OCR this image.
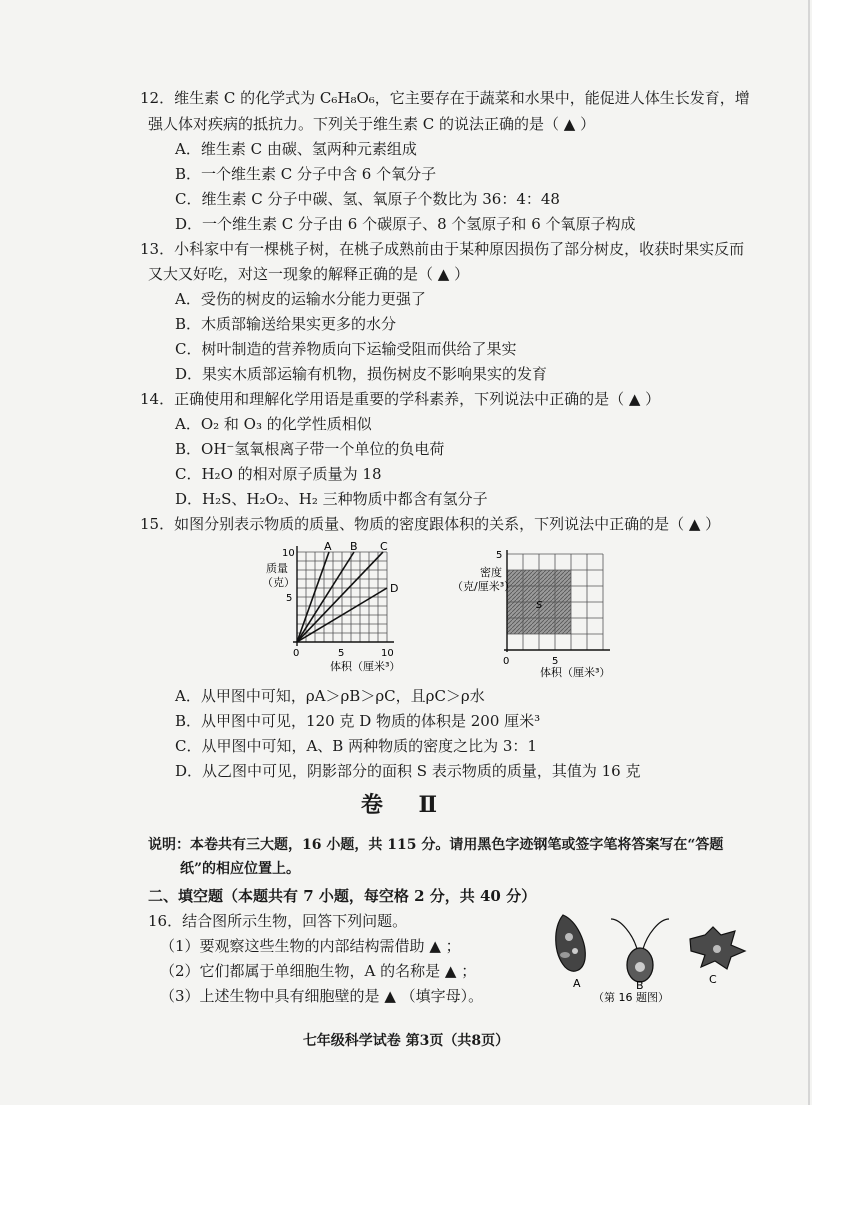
12．维生素 C 的化学式为 C₆H₈O₆，它主要存在于蔬菜和水果中，能促进人体生长发育，增
强人体对疾病的抵抗力。下列关于维生素 C 的说法正确的是（ ▲ ）
A．维生素 C 由碳、氢两种元素组成
B．一个维生素 C 分子中含 6 个氧分子
C．维生素 C 分子中碳、氢、氧原子个数比为 36：4：48
D．一个维生素 C 分子由 6 个碳原子、8 个氢原子和 6 个氧原子构成
13．小科家中有一棵桃子树，在桃子成熟前由于某种原因损伤了部分树皮，收获时果实反而
又大又好吃，对这一现象的解释正确的是（ ▲ ）
A．受伤的树皮的运输水分能力更强了
B．木质部输送给果实更多的水分
C．树叶制造的营养物质向下运输受阻而供给了果实
D．果实木质部运输有机物，损伤树皮不影响果实的发育
14．正确使用和理解化学用语是重要的学科素养，下列说法中正确的是（ ▲ ）
A．O₂ 和 O₃ 的化学性质相似
B．OH⁻氢氧根离子带一个单位的负电荷
C．H₂O 的相对原子质量为 18
D．H₂S、H₂O₂、H₂ 三种物质中都含有氢分子
15．如图分别表示物质的质量、物质的密度跟体积的关系，下列说法中正确的是（ ▲ ）
A B C
D
10
5
质量
（克）
0	5	10
体积（厘米³）
S
5
密度
（克/厘米³）
0	5
体积（厘米³）
A．从甲图中可知，ρA＞ρB＞ρC，且ρC＞ρ水
B．从甲图中可见，120 克 D 物质的体积是 200 厘米³
C．从甲图中可知，A、B 两种物质的密度之比为 3：1
D．从乙图中可见，阴影部分的面积 S 表示物质的质量，其值为 16 克
卷 Ⅱ
说明：本卷共有三大题，16 小题，共 115 分。请用黑色字迹钢笔或签字笔将答案写在“答题
纸”的相应位置上。
二、填空题（本题共有 7 小题，每空格 2 分，共 40 分）
16．结合图所示生物，回答下列问题。
（1）要观察这些生物的内部结构需借助 ▲ ；
（2）它们都属于单细胞生物，A 的名称是 ▲ ；
（3）上述生物中具有细胞壁的是 ▲ （填字母）。
A	B	C
（第 16 题图）
七年级科学试卷 第3页（共8页）
